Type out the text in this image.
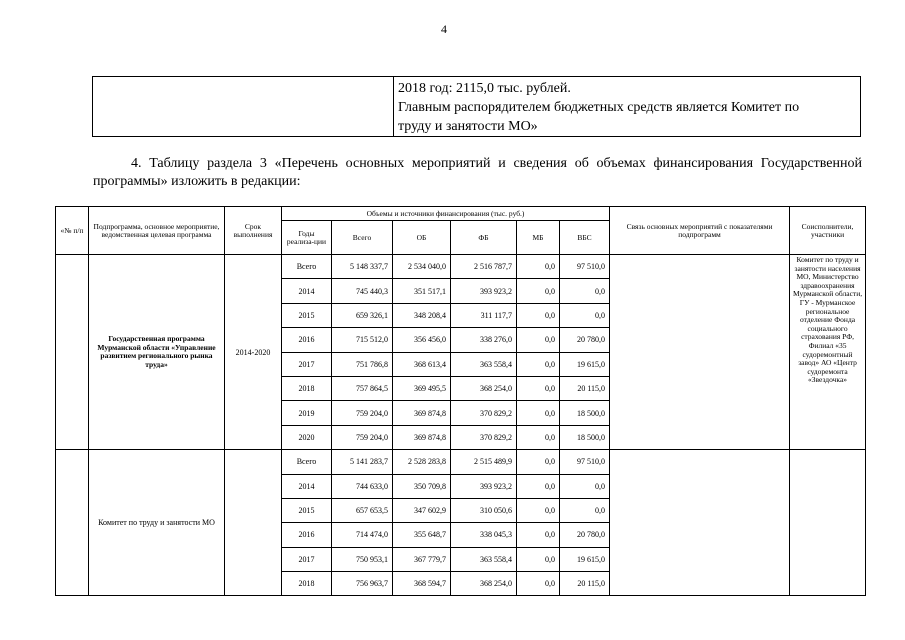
4

2018 год: 2115,0 тыс. рублей.
Главным распорядителем бюджетных средств является Комитет по
труду и занятости МО»

4. Таблицу раздела 3 «Перечень основных мероприятий и сведения об объемах финансирования Государственной программы» изложить в редакции:

«№ п/п	Подпрограмма, основное мероприятие, ведомственная целевая программа	Срок выполнения	Объемы и источники финансирования (тыс. руб.)						Связь основных мероприятий с показателями подпрограмм	Соисполнители, участники
			Годы реализа-ции	Всего	ОБ	ФБ	МБ	ВБС		
	Государственная программа Мурманской области «Управление развитием регионального рынка труда»	2014-2020	Всего	5 148 337,7	2 534 040,0	2 516 787,7	0,0	97 510,0		Комитет по труду и занятости населения МО, Министерство здравоохранения Мурманской области, ГУ - Мурманское региональное отделение Фонда социального страхования РФ, Филиал «35 судоремонтный завод» АО «Центр судоремонта «Звездочка»
			2014	745 440,3	351 517,1	393 923,2	0,0	0,0		
			2015	659 326,1	348 208,4	311 117,7	0,0	0,0		
			2016	715 512,0	356 456,0	338 276,0	0,0	20 780,0		
			2017	751 786,8	368 613,4	363 558,4	0,0	19 615,0		
			2018	757 864,5	369 495,5	368 254,0	0,0	20 115,0		
			2019	759 204,0	369 874,8	370 829,2	0,0	18 500,0		
			2020	759 204,0	369 874,8	370 829,2	0,0	18 500,0		
	Комитет по труду и занятости МО		Всего	5 141 283,7	2 528 283,8	2 515 489,9	0,0	97 510,0		
			2014	744 633,0	350 709,8	393 923,2	0,0	0,0		
			2015	657 653,5	347 602,9	310 050,6	0,0	0,0		
			2016	714 474,0	355 648,7	338 045,3	0,0	20 780,0		
			2017	750 953,1	367 779,7	363 558,4	0,0	19 615,0		
			2018	756 963,7	368 594,7	368 254,0	0,0	20 115,0		
